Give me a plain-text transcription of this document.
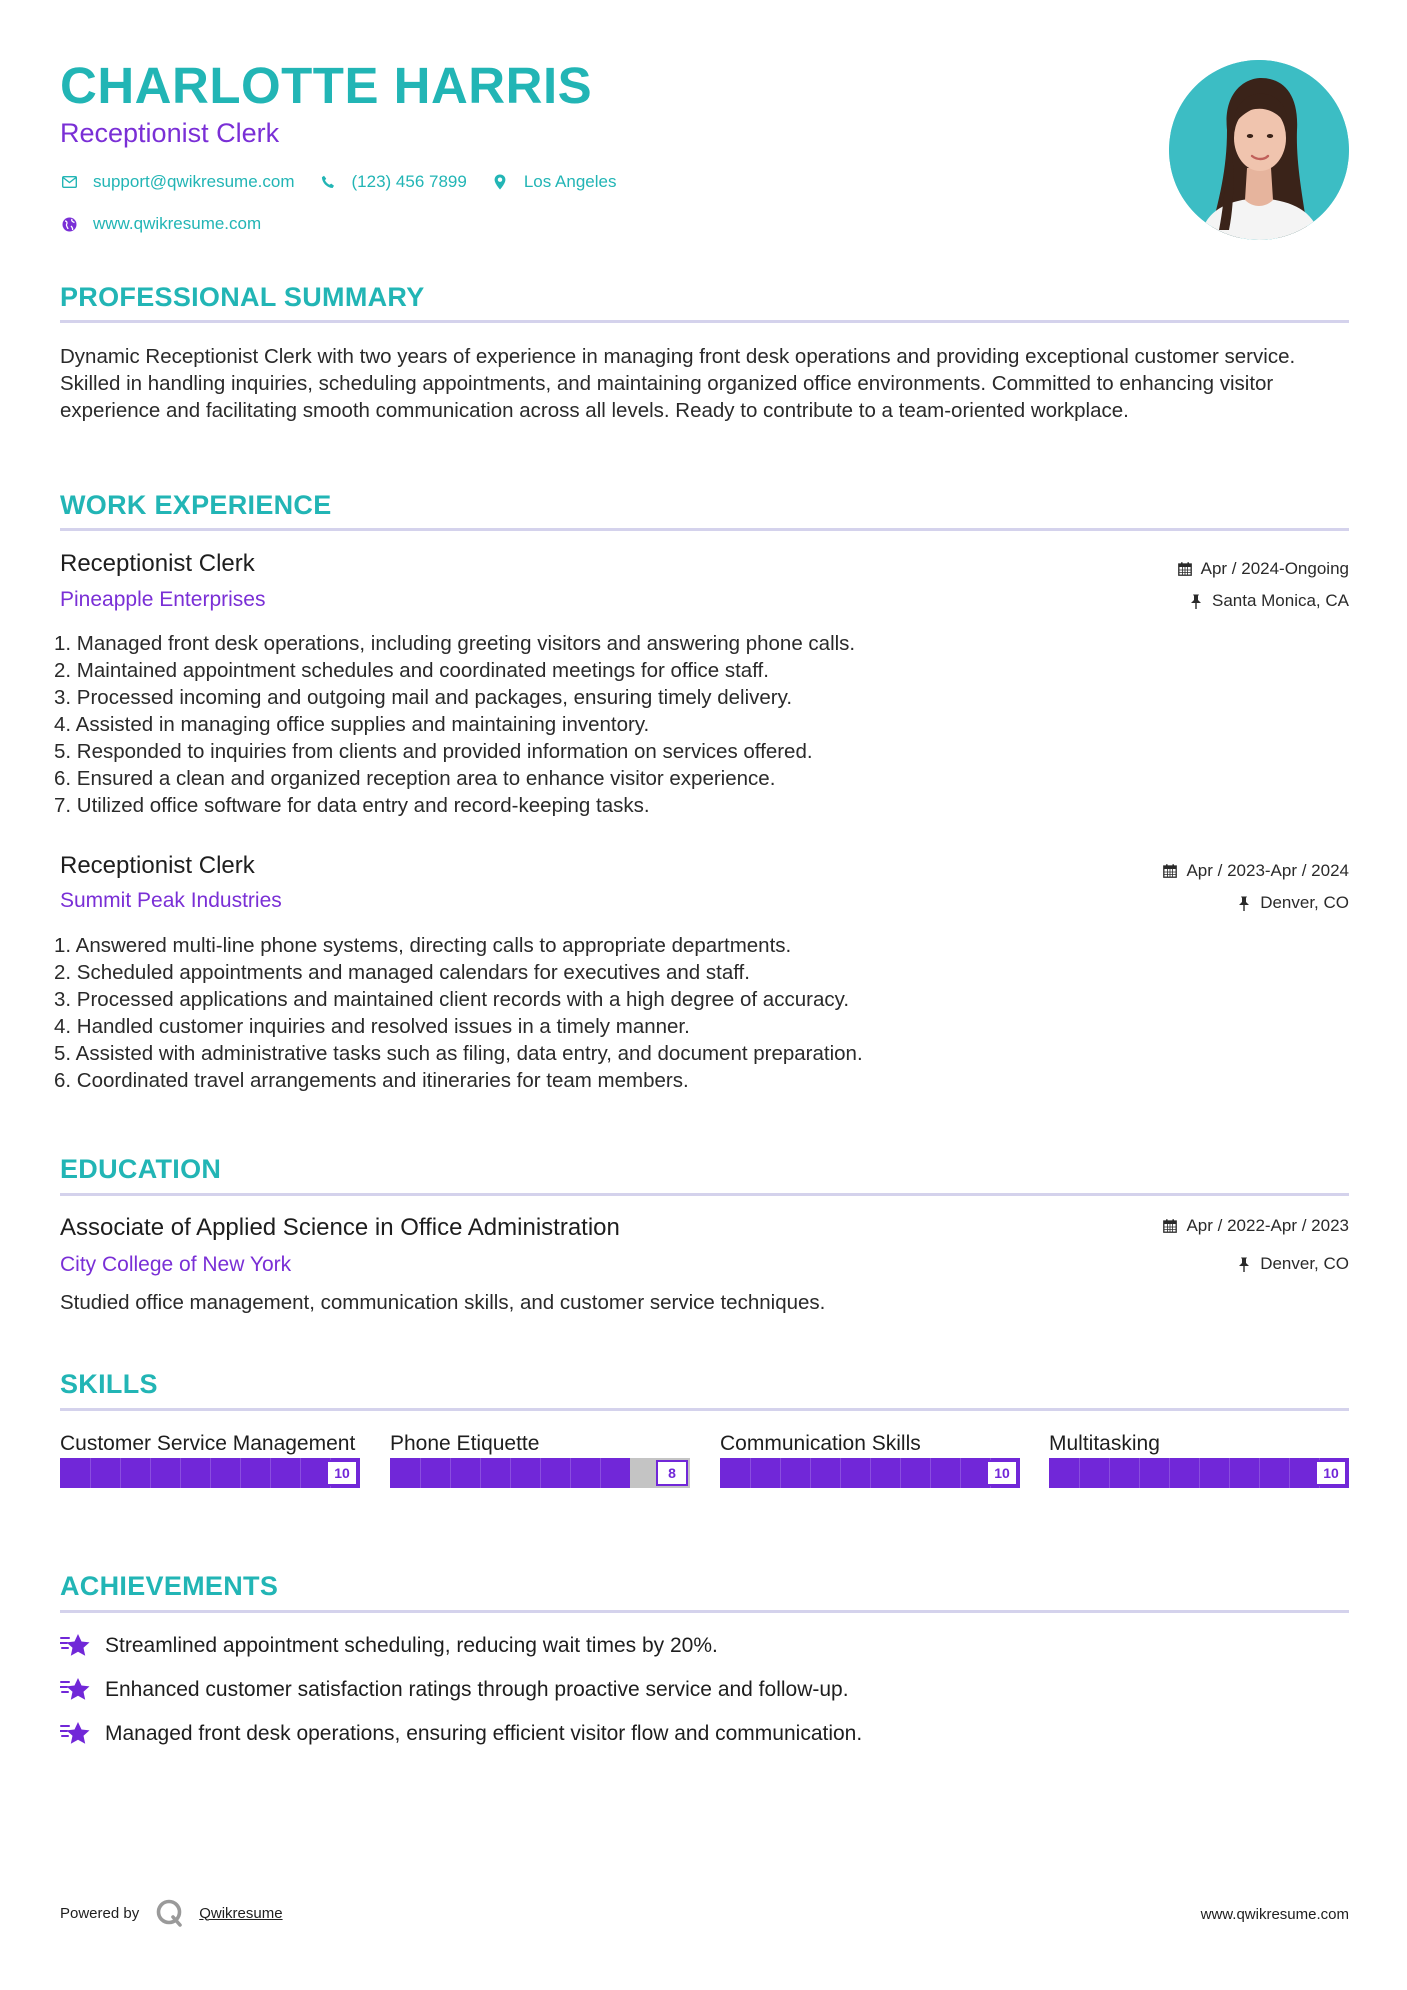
CHARLOTTE HARRIS
Receptionist Clerk
support@qwikresume.com	(123) 456 7899	Los Angeles
www.qwikresume.com
PROFESSIONAL SUMMARY
Dynamic Receptionist Clerk with two years of experience in managing front desk operations and providing exceptional customer service. Skilled in handling inquiries, scheduling appointments, and maintaining organized office environments. Committed to enhancing visitor experience and facilitating smooth communication across all levels. Ready to contribute to a team-oriented workplace.
WORK EXPERIENCE
Receptionist Clerk
Pineapple Enterprises
Apr / 2024-Ongoing
Santa Monica, CA
1. Managed front desk operations, including greeting visitors and answering phone calls.
2. Maintained appointment schedules and coordinated meetings for office staff.
3. Processed incoming and outgoing mail and packages, ensuring timely delivery.
4. Assisted in managing office supplies and maintaining inventory.
5. Responded to inquiries from clients and provided information on services offered.
6. Ensured a clean and organized reception area to enhance visitor experience.
7. Utilized office software for data entry and record-keeping tasks.
Receptionist Clerk
Summit Peak Industries
Apr / 2023-Apr / 2024
Denver, CO
1. Answered multi-line phone systems, directing calls to appropriate departments.
2. Scheduled appointments and managed calendars for executives and staff.
3. Processed applications and maintained client records with a high degree of accuracy.
4. Handled customer inquiries and resolved issues in a timely manner.
5. Assisted with administrative tasks such as filing, data entry, and document preparation.
6. Coordinated travel arrangements and itineraries for team members.
EDUCATION
Associate of Applied Science in Office Administration
City College of New York
Apr / 2022-Apr / 2023
Denver, CO
Studied office management, communication skills, and customer service techniques.
SKILLS
Customer Service Management
10
Phone Etiquette
8
Communication Skills
10
Multitasking
10
ACHIEVEMENTS
Streamlined appointment scheduling, reducing wait times by 20%.
Enhanced customer satisfaction ratings through proactive service and follow-up.
Managed front desk operations, ensuring efficient visitor flow and communication.
Powered by	Qwikresume	www.qwikresume.com
